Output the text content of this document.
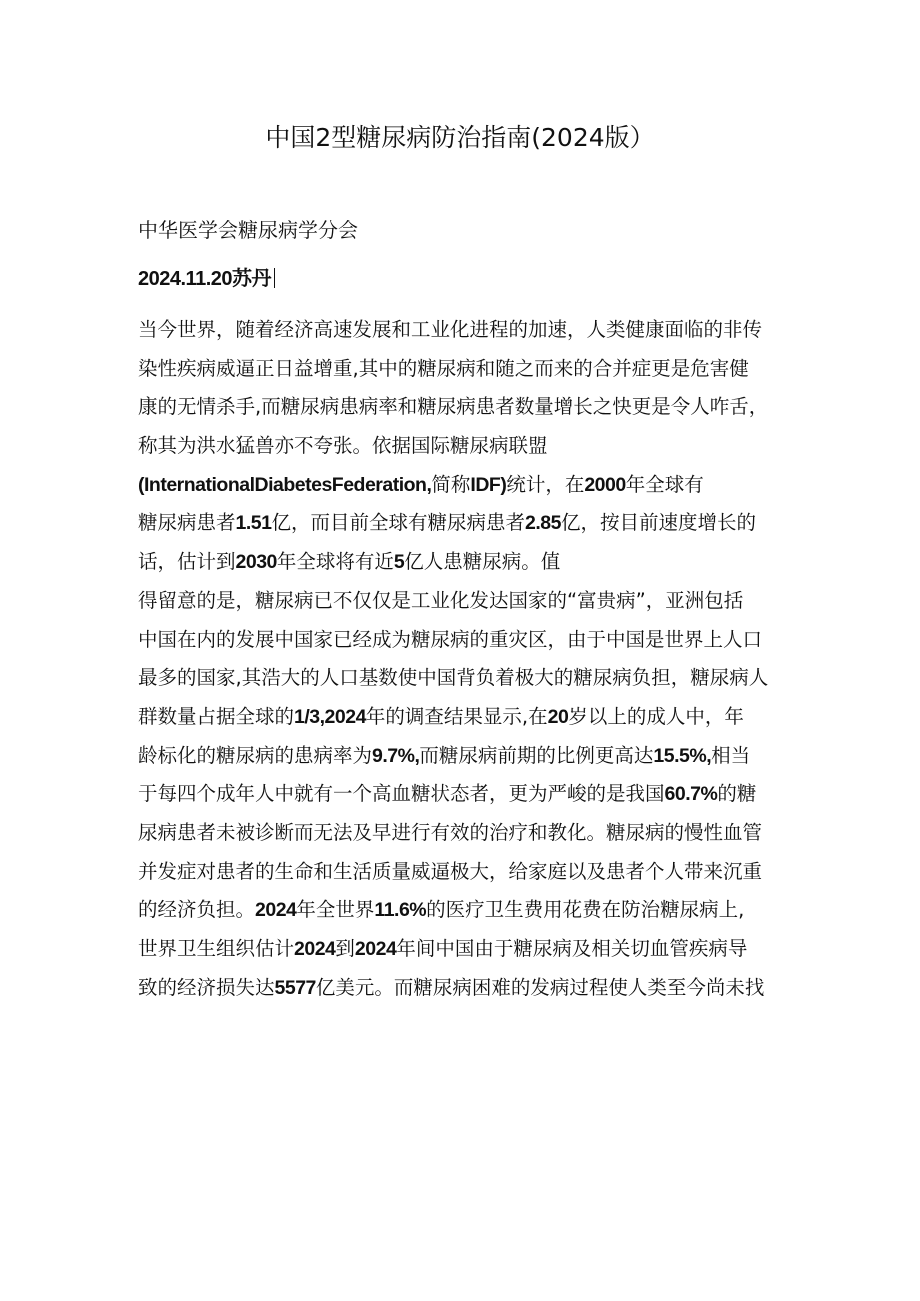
中国2型糖尿病防治指南(2024版）
中华医学会糖尿病学分会
2024.11.20苏丹
当今世界，随着经济高速发展和工业化进程的加速，人类健康面临的非传
染性疾病威逼正日益增重,其中的糖尿病和随之而来的合并症更是危害健
康的无情杀手,而糖尿病患病率和糖尿病患者数量增长之快更是令人咋舌，
称其为洪水猛兽亦不夸张。依据国际糖尿病联盟
(InternationalDiabetesFederation,简称IDF)统计，在2000年全球有
糖尿病患者1.51亿，而目前全球有糖尿病患者2.85亿，按目前速度增长的
话，估计到2030年全球将有近5亿人患糖尿病。值
得留意的是，糖尿病已不仅仅是工业化发达国家的“富贵病”，亚洲包括
中国在内的发展中国家已经成为糖尿病的重灾区，由于中国是世界上人口
最多的国家,其浩大的人口基数使中国背负着极大的糖尿病负担，糖尿病人
群数量占据全球的1/3,2024年的调查结果显示,在20岁以上的成人中，年
龄标化的糖尿病的患病率为9.7%,而糖尿病前期的比例更高达15.5%,相当
于每四个成年人中就有一个高血糖状态者，更为严峻的是我国60.7%的糖
尿病患者未被诊断而无法及早进行有效的治疗和教化。糖尿病的慢性血管
并发症对患者的生命和生活质量威逼极大，给家庭以及患者个人带来沉重
的经济负担。2024年全世界11.6%的医疗卫生费用花费在防治糖尿病上,
世界卫生组织估计2024到2024年间中国由于糖尿病及相关切血管疾病导
致的经济损失达5577亿美元。而糖尿病困难的发病过程使人类至今尚未找
